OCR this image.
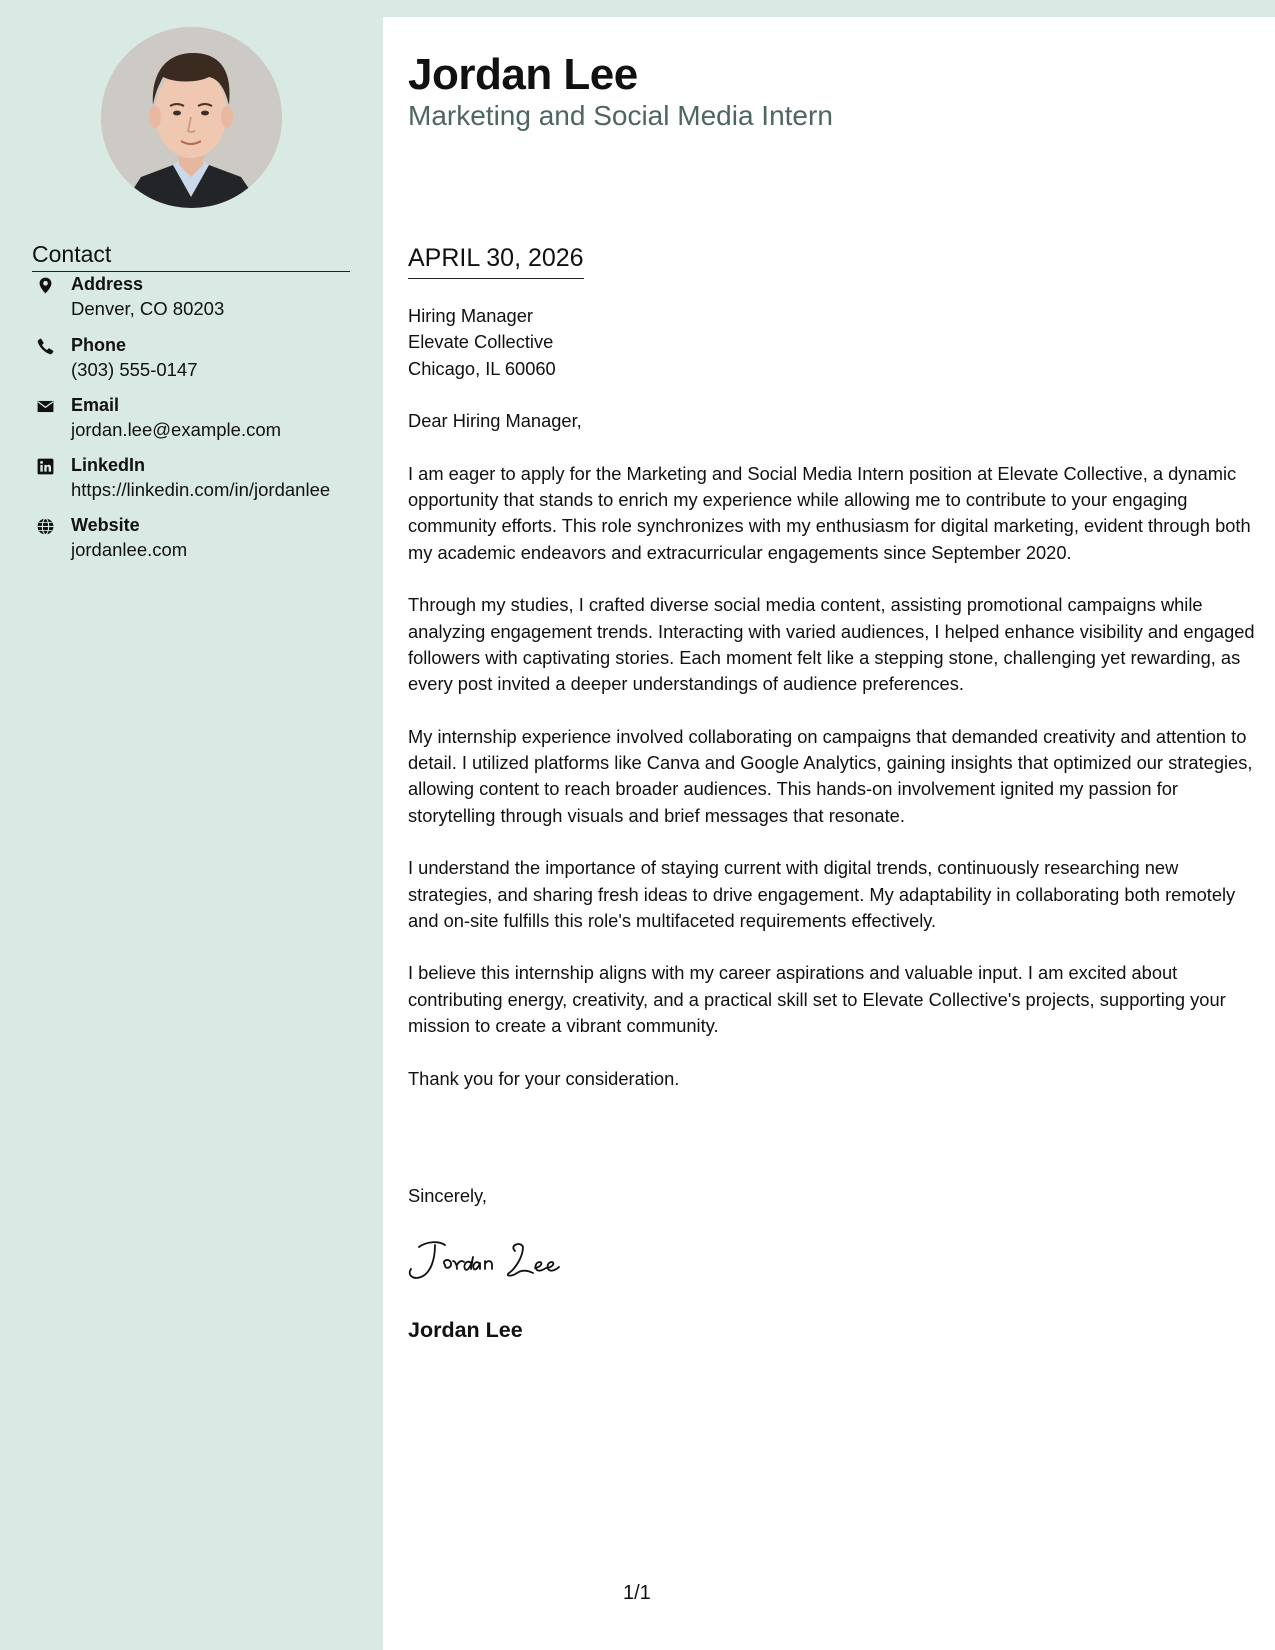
Contact
Address
Denver, CO 80203
Phone
(303) 555-0147
Email
jordan.lee@example.com
LinkedIn
https://linkedin.com/in/jordanlee
Website
jordanlee.com
Jordan Lee
Marketing and Social Media Intern
APRIL 30, 2026

Hiring Manager
Elevate Collective
Chicago, IL 60060

Dear Hiring Manager,

I am eager to apply for the Marketing and Social Media Intern position at Elevate Collective, a dynamic opportunity that stands to enrich my experience while allowing me to contribute to your engaging community efforts. This role synchronizes with my enthusiasm for digital marketing, evident through both my academic endeavors and extracurricular engagements since September 2020.

Through my studies, I crafted diverse social media content, assisting promotional campaigns while analyzing engagement trends. Interacting with varied audiences, I helped enhance visibility and engaged followers with captivating stories. Each moment felt like a stepping stone, challenging yet rewarding, as every post invited a deeper understandings of audience preferences.

My internship experience involved collaborating on campaigns that demanded creativity and attention to detail. I utilized platforms like Canva and Google Analytics, gaining insights that optimized our strategies, allowing content to reach broader audiences. This hands-on involvement ignited my passion for storytelling through visuals and brief messages that resonate.

I understand the importance of staying current with digital trends, continuously researching new strategies, and sharing fresh ideas to drive engagement. My adaptability in collaborating both remotely and on-site fulfills this role's multifaceted requirements effectively.

I believe this internship aligns with my career aspirations and valuable input. I am excited about contributing energy, creativity, and a practical skill set to Elevate Collective's projects, supporting your mission to create a vibrant community.

Thank you for your consideration.

Sincerely,
Jordan Lee
1/1
